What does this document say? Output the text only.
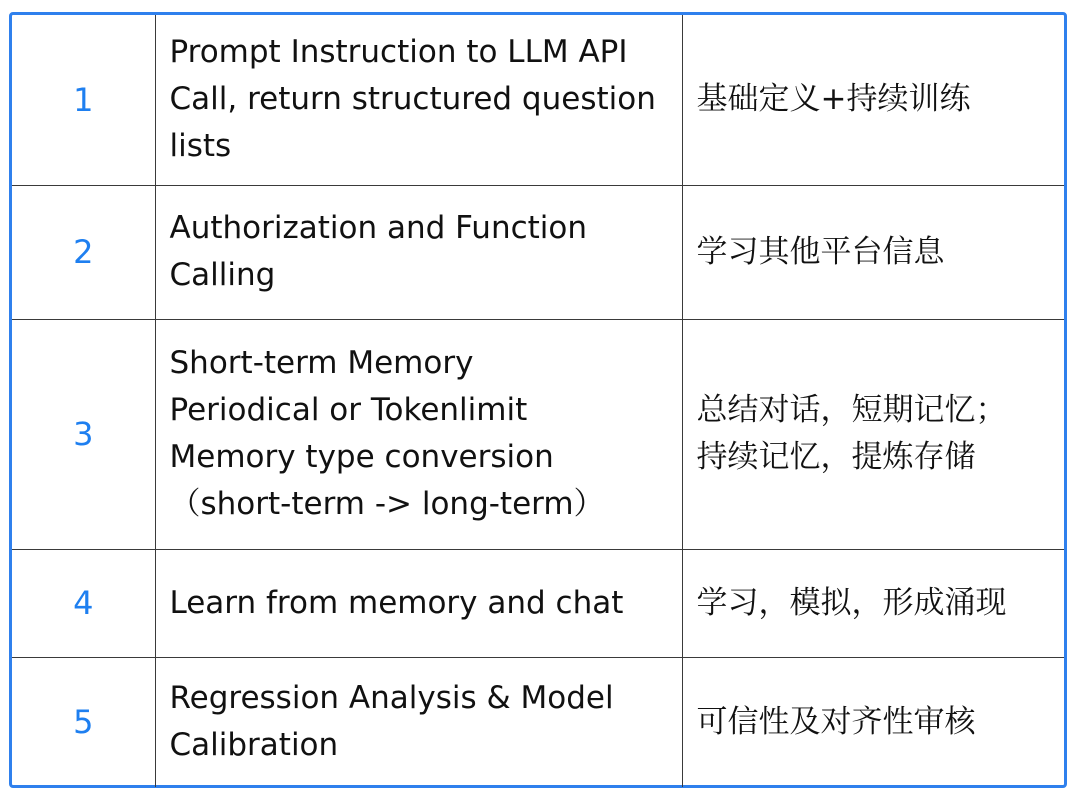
1	Prompt Instruction to LLM API
Call, return structured question
lists	基础定义+持续训练
2	Authorization and Function
Calling	学习其他平台信息
3	Short-term Memory
Periodical or Tokenlimit
Memory type conversion
（short-term -> long-term）	总结对话，短期记忆；
持续记忆，提炼存储
4	Learn from memory and chat	学习，模拟，形成涌现
5	Regression Analysis & Model
Calibration	可信性及对齐性审核
